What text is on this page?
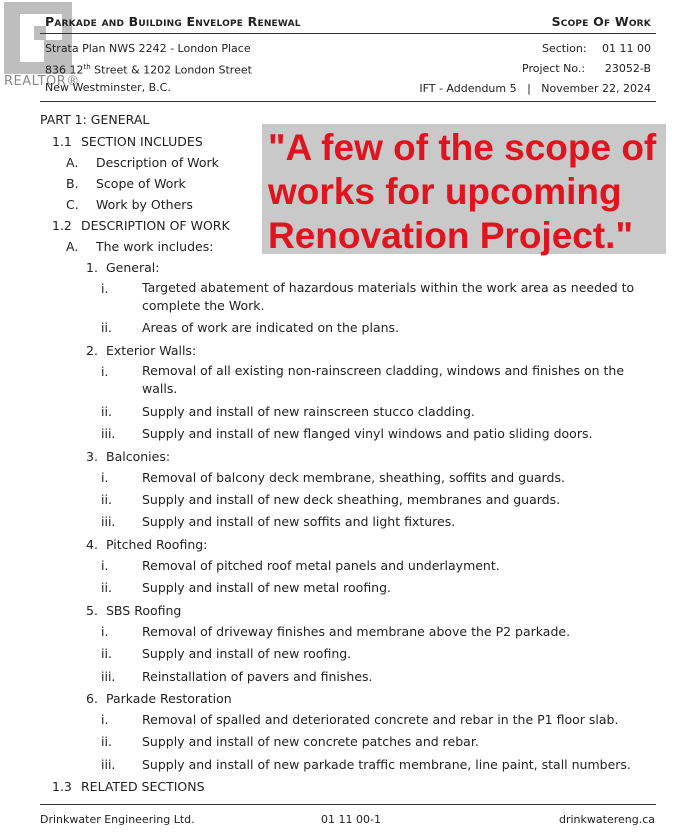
REALTOR®
Parkade and Building Envelope Renewal	Scope Of Work
Strata Plan NWS 2242 - London Place
836 12th Street & 1202 London Street
New Westminster, B.C.
Section: 01 11 00
Project No.: 23052-B
IFT - Addendum 5   |   November 22, 2024
PART 1: GENERAL
1.1 SECTION INCLUDES
A. Description of Work
B. Scope of Work
C. Work by Others
1.2 DESCRIPTION OF WORK
A. The work includes:
1. General:
i.	Targeted abatement of hazardous materials within the work area as needed to complete the Work.
ii. Areas of work are indicated on the plans.
2. Exterior Walls:
i.	Removal of all existing non-rainscreen cladding, windows and finishes on the walls.
ii. Supply and install of new rainscreen stucco cladding.
iii. Supply and install of new flanged vinyl windows and patio sliding doors.
3. Balconies:
i.	Removal of balcony deck membrane, sheathing, soffits and guards.
ii. Supply and install of new deck sheathing, membranes and guards.
iii. Supply and install of new soffits and light fixtures.
4. Pitched Roofing:
i.	Removal of pitched roof metal panels and underlayment.
ii. Supply and install of new metal roofing.
5. SBS Roofing
i.	Removal of driveway finishes and membrane above the P2 parkade.
ii. Supply and install of new roofing.
iii. Reinstallation of pavers and finishes.
6. Parkade Restoration
i.	Removal of spalled and deteriorated concrete and rebar in the P1 floor slab.
ii. Supply and install of new concrete patches and rebar.
iii. Supply and install of new parkade traffic membrane, line paint, stall numbers.
1.3 RELATED SECTIONS
Drinkwater Engineering Ltd.	01 11 00-1	drinkwatereng.ca
"A few of the scope of works for upcoming Renovation Project."
